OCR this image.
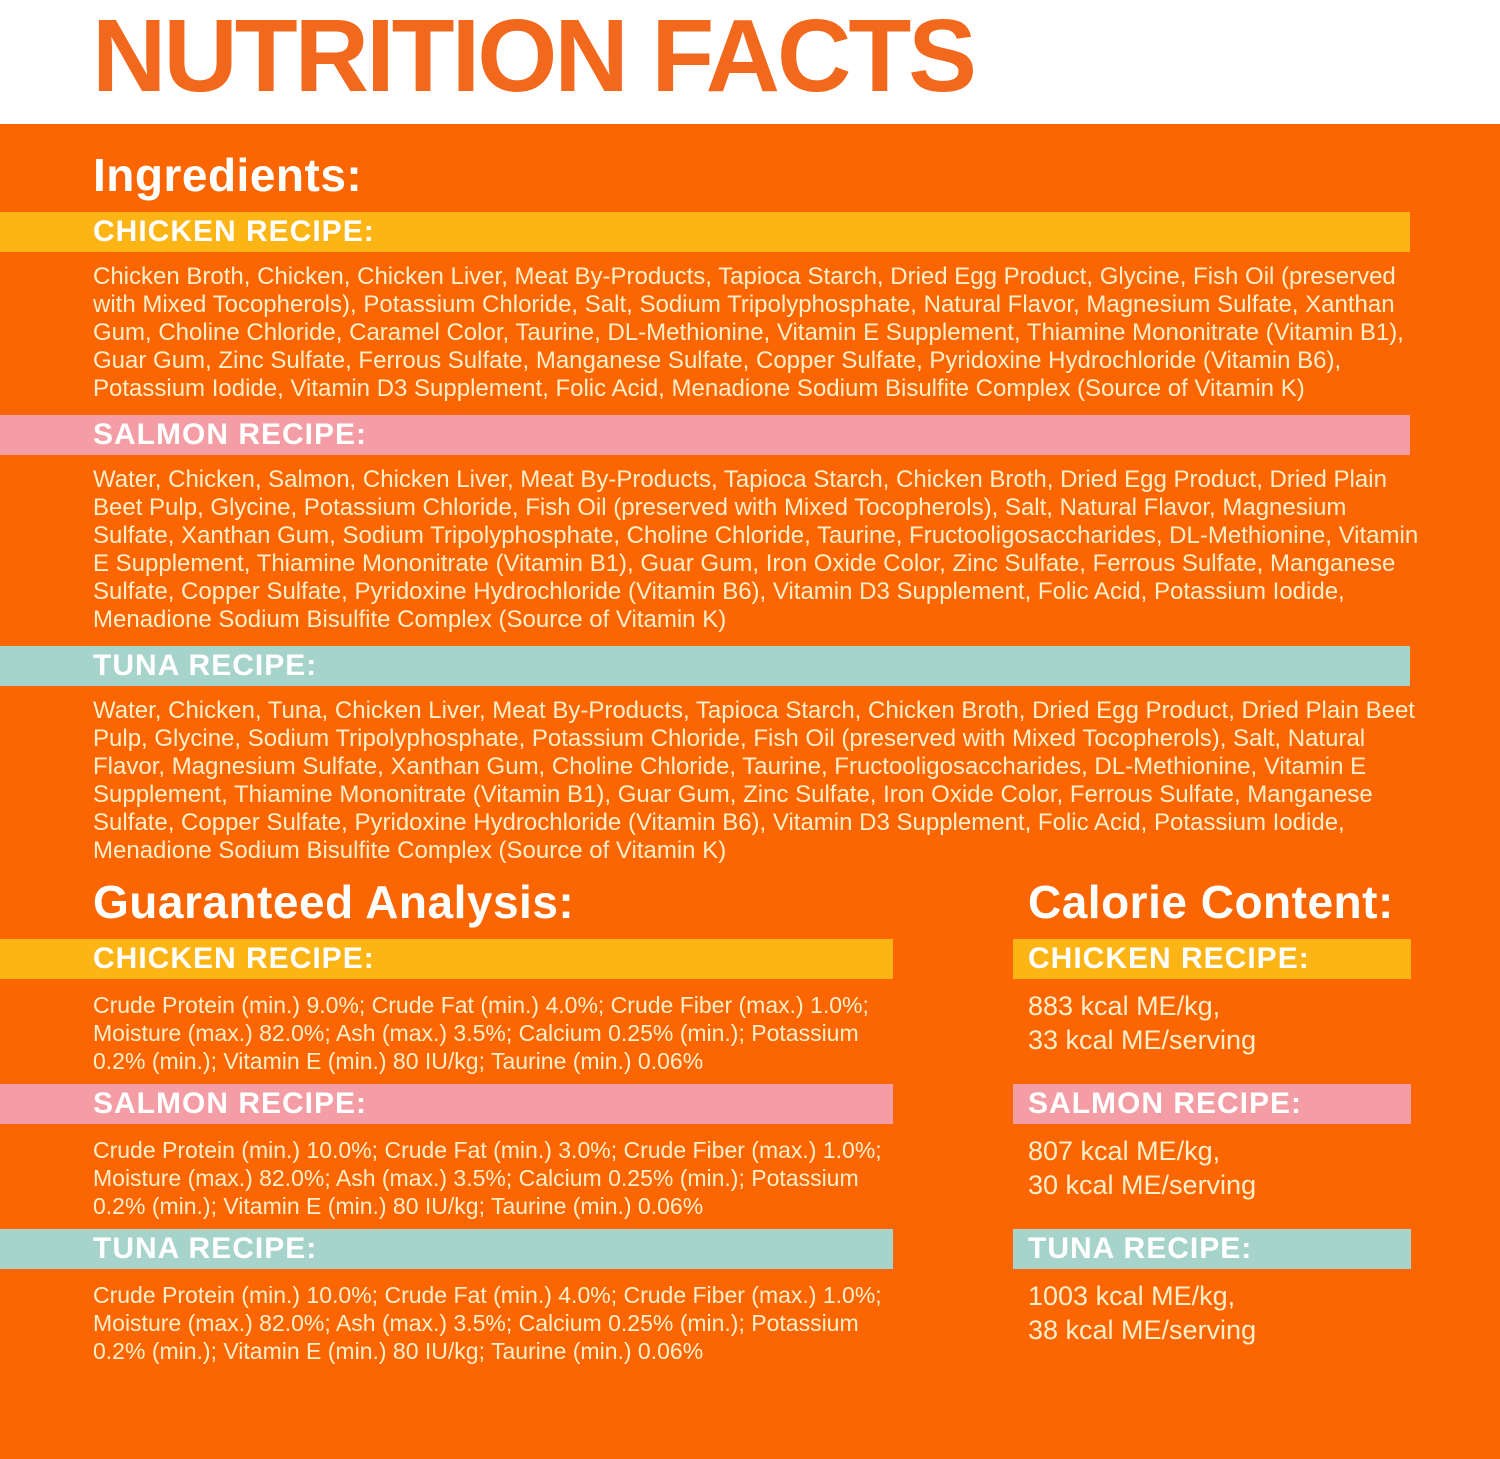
NUTRITION FACTS
Ingredients:
CHICKEN RECIPE:

Chicken Broth, Chicken, Chicken Liver, Meat By-Products, Tapioca Starch, Dried Egg Product, Glycine, Fish Oil (preserved with Mixed Tocopherols), Potassium Chloride, Salt, Sodium Tripolyphosphate, Natural Flavor, Magnesium Sulfate, Xanthan Gum, Choline Chloride, Caramel Color, Taurine, DL-Methionine, Vitamin E Supplement, Thiamine Mononitrate (Vitamin B1), Guar Gum, Zinc Sulfate, Ferrous Sulfate, Manganese Sulfate, Copper Sulfate, Pyridoxine Hydrochloride (Vitamin B6), Potassium Iodide, Vitamin D3 Supplement, Folic Acid, Menadione Sodium Bisulfite Complex (Source of Vitamin K)

SALMON RECIPE:

Water, Chicken, Salmon, Chicken Liver, Meat By-Products, Tapioca Starch, Chicken Broth, Dried Egg Product, Dried Plain Beet Pulp, Glycine, Potassium Chloride, Fish Oil (preserved with Mixed Tocopherols), Salt, Natural Flavor, Magnesium Sulfate, Xanthan Gum, Sodium Tripolyphosphate, Choline Chloride, Taurine, Fructooligosaccharides, DL-Methionine, Vitamin E Supplement, Thiamine Mononitrate (Vitamin B1), Guar Gum, Iron Oxide Color, Zinc Sulfate, Ferrous Sulfate, Manganese Sulfate, Copper Sulfate, Pyridoxine Hydrochloride (Vitamin B6), Vitamin D3 Supplement, Folic Acid, Potassium Iodide, Menadione Sodium Bisulfite Complex (Source of Vitamin K)

TUNA RECIPE:

Water, Chicken, Tuna, Chicken Liver, Meat By-Products, Tapioca Starch, Chicken Broth, Dried Egg Product, Dried Plain Beet Pulp, Glycine, Sodium Tripolyphosphate, Potassium Chloride, Fish Oil (preserved with Mixed Tocopherols), Salt, Natural Flavor, Magnesium Sulfate, Xanthan Gum, Choline Chloride, Taurine, Fructooligosaccharides, DL-Methionine, Vitamin E Supplement, Thiamine Mononitrate (Vitamin B1), Guar Gum, Zinc Sulfate, Iron Oxide Color, Ferrous Sulfate, Manganese Sulfate, Copper Sulfate, Pyridoxine Hydrochloride (Vitamin B6), Vitamin D3 Supplement, Folic Acid, Potassium Iodide, Menadione Sodium Bisulfite Complex (Source of Vitamin K)

Guaranteed Analysis:
CHICKEN RECIPE:

Crude Protein (min.) 9.0%; Crude Fat (min.) 4.0%; Crude Fiber (max.) 1.0%; Moisture (max.) 82.0%; Ash (max.) 3.5%; Calcium 0.25% (min.); Potassium 0.2% (min.); Vitamin E (min.) 80 IU/kg; Taurine (min.) 0.06%

SALMON RECIPE:

Crude Protein (min.) 10.0%; Crude Fat (min.) 3.0%; Crude Fiber (max.) 1.0%; Moisture (max.) 82.0%; Ash (max.) 3.5%; Calcium 0.25% (min.); Potassium 0.2% (min.); Vitamin E (min.) 80 IU/kg; Taurine (min.) 0.06%

TUNA RECIPE:

Crude Protein (min.) 10.0%; Crude Fat (min.) 4.0%; Crude Fiber (max.) 1.0%; Moisture (max.) 82.0%; Ash (max.) 3.5%; Calcium 0.25% (min.); Potassium 0.2% (min.); Vitamin E (min.) 80 IU/kg; Taurine (min.) 0.06%

Calorie Content:
CHICKEN RECIPE:

883 kcal ME/kg,

33 kcal ME/serving

SALMON RECIPE:

807 kcal ME/kg,

30 kcal ME/serving

TUNA RECIPE:

1003 kcal ME/kg,

38 kcal ME/serving
